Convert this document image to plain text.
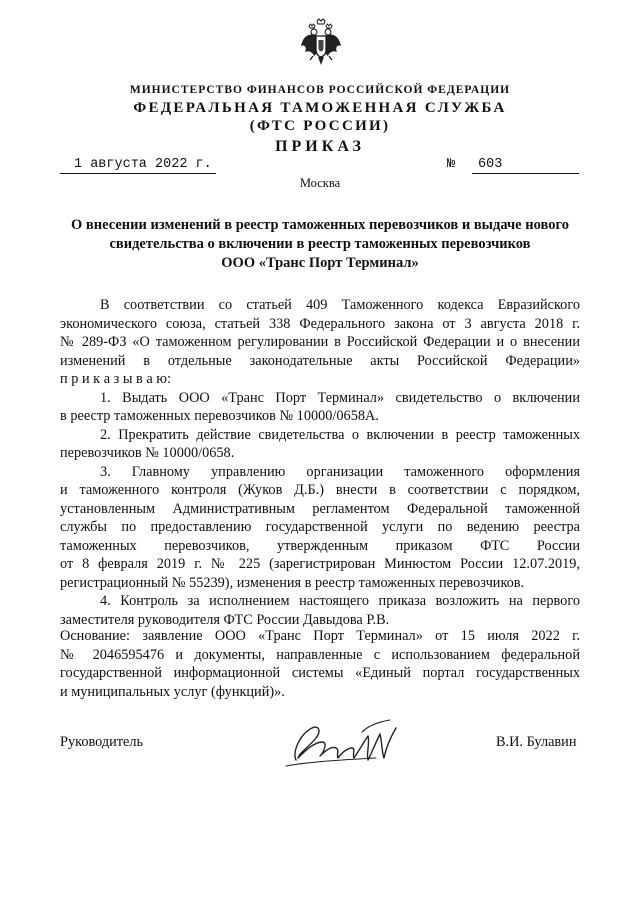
МИНИСТЕРСТВО ФИНАНСОВ РОССИЙСКОЙ ФЕДЕРАЦИИ
ФЕДЕРАЛЬНАЯ ТАМОЖЕННАЯ СЛУЖБА
(ФТС РОССИИ)
ПРИКАЗ
1 августа 2022 г.	№	603
Москва
О внесении изменений в реестр таможенных перевозчиков и выдаче нового
свидетельства о включении в реестр таможенных перевозчиков
ООО «Транс Порт Терминал»
В соответствии со статьей 409 Таможенного кодекса Евразийского
экономического союза, статьей 338 Федерального закона от 3 августа 2018 г.
№ 289-ФЗ «О таможенном регулировании в Российской Федерации и о внесении
изменений в отдельные законодательные акты Российской Федерации»
п р и к а з ы в а ю:
1. Выдать ООО «Транс Порт Терминал» свидетельство о включении
в реестр таможенных перевозчиков № 10000/0658А.
2. Прекратить действие свидетельства о включении в реестр таможенных
перевозчиков № 10000/0658.
3. Главному управлению организации таможенного оформления
и таможенного контроля (Жуков Д.Б.) внести в соответствии с порядком,
установленным Административным регламентом Федеральной таможенной
службы по предоставлению государственной услуги по ведению реестра
таможенных перевозчиков, утвержденным приказом ФТС России
от 8 февраля 2019 г. № 225 (зарегистрирован Минюстом России 12.07.2019,
регистрационный № 55239), изменения в реестр таможенных перевозчиков.
4. Контроль за исполнением настоящего приказа возложить на первого
заместителя руководителя ФТС России Давыдова Р.В.
Основание: заявление ООО «Транс Порт Терминал» от 15 июля 2022 г.
№ 2046595476 и документы, направленные с использованием федеральной
государственной информационной системы «Единый портал государственных
и муниципальных услуг (функций)».
Руководитель	В.И. Булавин
